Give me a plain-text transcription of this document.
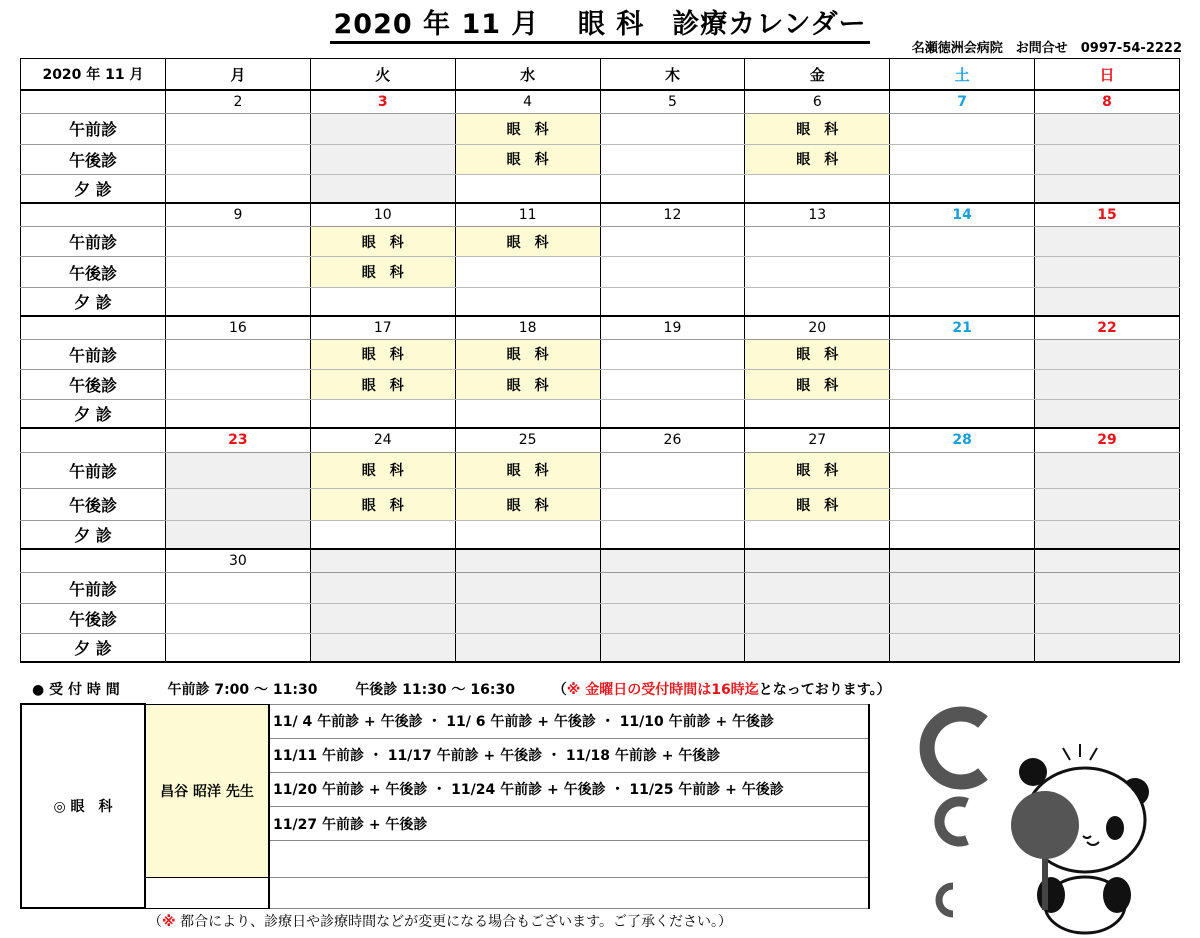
2020 年 11 月　 眼 科　診療カレンダー
名瀬徳洲会病院　お問合せ　0997-54-2222
2020 年 11 月	月	火	水	木	金	土	日
	2	3	4	5	6	7	8
午前診			眼　科		眼　科		
午後診			眼　科		眼　科		
夕 診							
	9	10	11	12	13	14	15
午前診		眼　科	眼　科				
午後診		眼　科					
夕 診							
	16	17	18	19	20	21	22
午前診		眼　科	眼　科		眼　科		
午後診		眼　科	眼　科		眼　科		
夕 診							
	23	24	25	26	27	28	29
午前診		眼　科	眼　科		眼　科		
午後診		眼　科	眼　科		眼　科		
夕 診							
	30						
午前診							
午後診							
夕 診							
● 受 付 時 間	午前診 7:00 ～ 11:30	午後診 11:30 ～ 16:30	（※ 金曜日の受付時間は16時迄となっております。）
◎ 眼　科	昌谷 昭洋 先生	11/ 4 午前診 + 午後診 ・ 11/ 6 午前診 + 午後診 ・ 11/10 午前診 + 午後診
		11/11 午前診 ・ 11/17 午前診 + 午後診 ・ 11/18 午前診 + 午後診
		11/20 午前診 + 午後診 ・ 11/24 午前診 + 午後診 ・ 11/25 午前診 + 午後診
		11/27 午前診 + 午後診

（※ 都合により、診療日や診療時間などが変更になる場合もございます。ご了承ください。）
